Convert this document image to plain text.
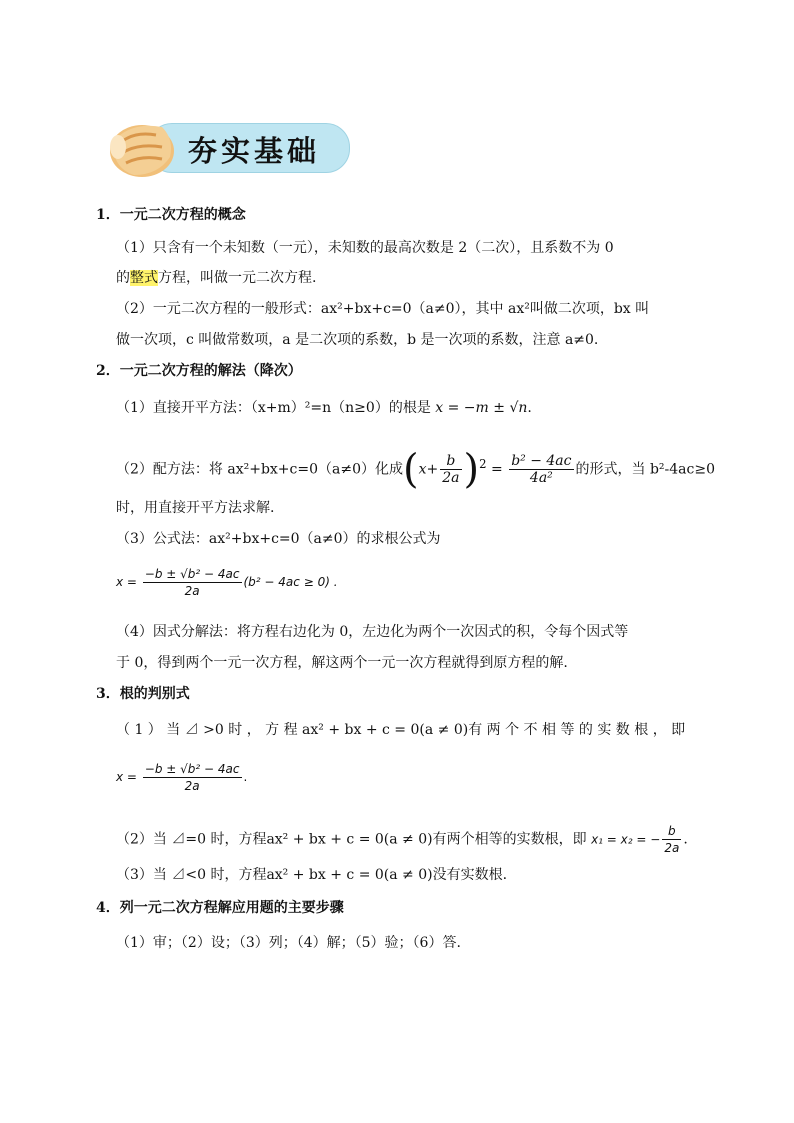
夯实基础
1．一元二次方程的概念
（1）只含有一个未知数（一元），未知数的最高次数是 2（二次），且系数不为 0
的整式方程，叫做一元二次方程.
（2）一元二次方程的一般形式：ax²+bx+c=0（a≠0），其中 ax²叫做二次项，bx 叫
做一次项，c 叫做常数项，a 是二次项的系数，b 是一次项的系数，注意 a≠0.
2．一元二次方程的解法（降次）
（1）直接开平方法：（x+m）²=n（n≥0）的根是 x = −m ± √n.
（2）配方法：将 ax²+bx+c=0（a≠0）化成$(x+ \frac{b}{2a} )^2 = \frac{\text{b² − 4ac}}{\text{4a²}}$ 的形式，当 b²-4ac≥0
时，用直接开平方法求解.
（3）公式法：ax²+bx+c=0（a≠0）的求根公式为
$x = \frac{\text{−b ± √b² − 4ac}}{2a} (b^2 - 4ac \ge 0)$ .
（4）因式分解法：将方程右边化为 0，左边化为两个一次因式的积，令每个因式等
于 0，得到两个一元一次方程，解这两个一元一次方程就得到原方程的解.
3．根的判别式
（ 1 ） 当 ⊿ >0 时 ， 方 程 ax² + bx + c = 0(a ≠ 0)有 两 个 不 相 等 的 实 数 根 ， 即
$x = \frac{\text{−b ± √b² − 4ac}}{2a}$ .
（2）当 ⊿=0 时，方程ax² + bx + c = 0(a ≠ 0)有两个相等的实数根，即 x₁ = x₂ = − $\frac{b}{2a}$ .
（3）当 ⊿<0 时，方程ax² + bx + c = 0(a ≠ 0)没有实数根.
4．列一元二次方程解应用题的主要步骤
（1）审；（2）设；（3）列；（4）解；（5）验；（6）答.
